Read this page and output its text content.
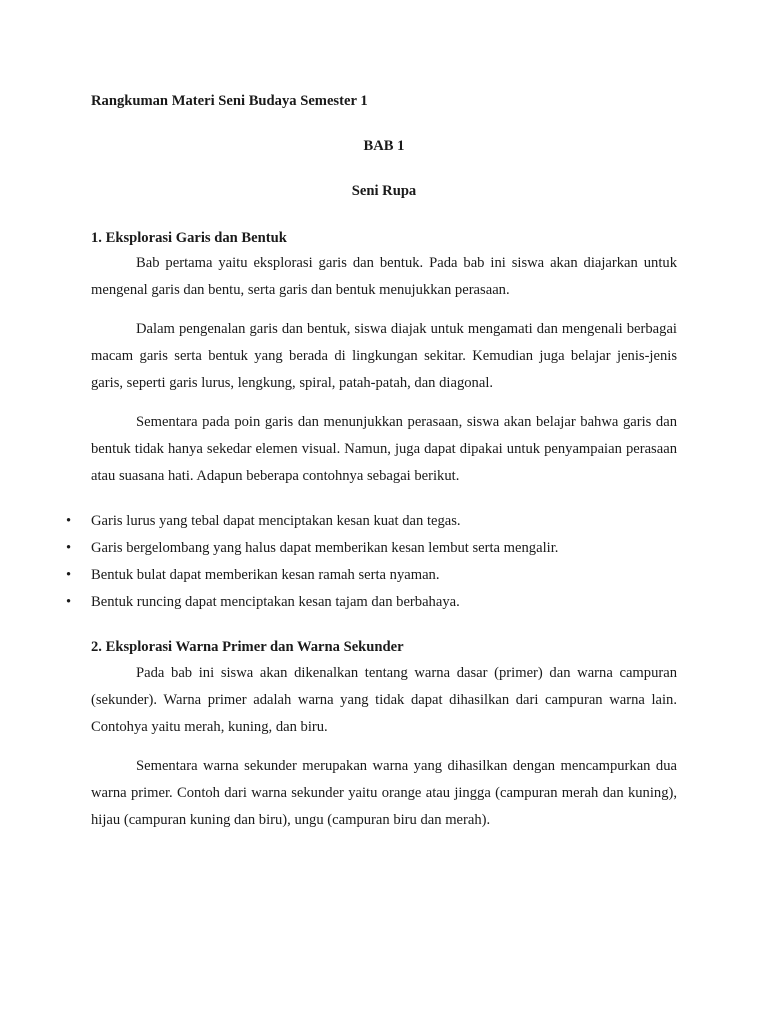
Rangkuman Materi Seni Budaya Semester 1

BAB 1

Seni Rupa

1. Eksplorasi Garis dan Bentuk

Bab pertama yaitu eksplorasi garis dan bentuk. Pada bab ini siswa akan diajarkan untuk mengenal garis dan bentu, serta garis dan bentuk menujukkan perasaan.

Dalam pengenalan garis dan bentuk, siswa diajak untuk mengamati dan mengenali berbagai macam garis serta bentuk yang berada di lingkungan sekitar. Kemudian juga belajar jenis-jenis garis, seperti garis lurus, lengkung, spiral, patah-patah, dan diagonal.

Sementara pada poin garis dan menunjukkan perasaan, siswa akan belajar bahwa garis dan bentuk tidak hanya sekedar elemen visual. Namun, juga dapat dipakai untuk penyampaian perasaan atau suasana hati. Adapun beberapa contohnya sebagai berikut.

• Garis lurus yang tebal dapat menciptakan kesan kuat dan tegas.
• Garis bergelombang yang halus dapat memberikan kesan lembut serta mengalir.
• Bentuk bulat dapat memberikan kesan ramah serta nyaman.
• Bentuk runcing dapat menciptakan kesan tajam dan berbahaya.

2. Eksplorasi Warna Primer dan Warna Sekunder

Pada bab ini siswa akan dikenalkan tentang warna dasar (primer) dan warna campuran (sekunder). Warna primer adalah warna yang tidak dapat dihasilkan dari campuran warna lain. Contohya yaitu merah, kuning, dan biru.

Sementara warna sekunder merupakan warna yang dihasilkan dengan mencampurkan dua warna primer. Contoh dari warna sekunder yaitu orange atau jingga (campuran merah dan kuning), hijau (campuran kuning dan biru), ungu (campuran biru dan merah).
